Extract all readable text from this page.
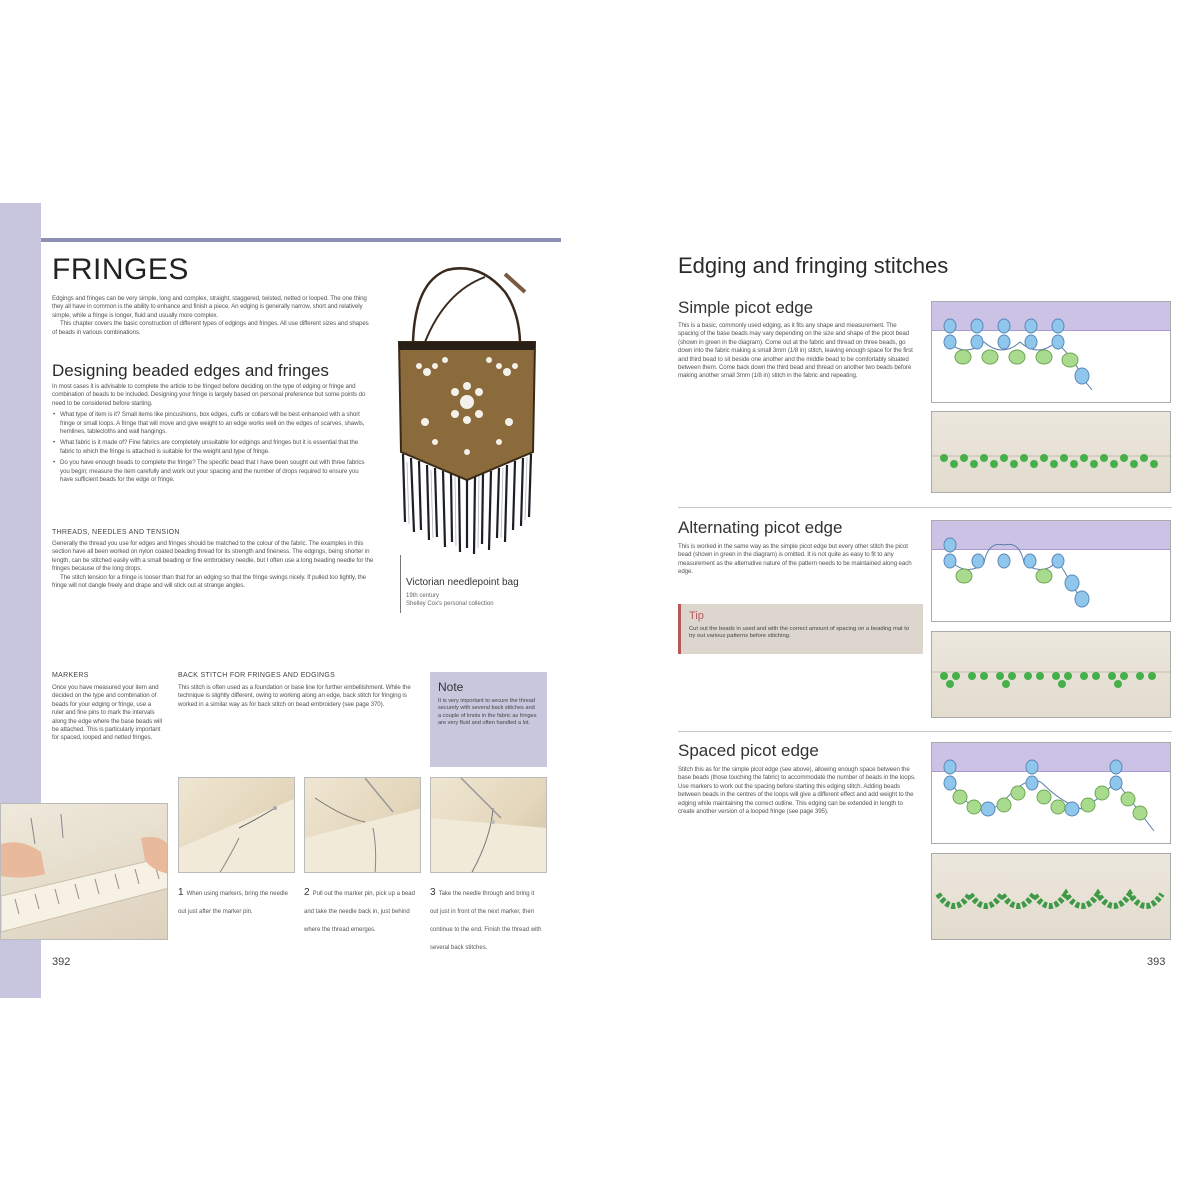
FRINGES

Edgings and fringes can be very simple, long and complex, straight, staggered, twisted, netted or looped. The one thing they all have in common is the ability to enhance and finish a piece. An edging is generally narrow, short and relatively simple, while a fringe is longer, fluid and usually more complex.

This chapter covers the basic construction of different types of edgings and fringes. All use different sizes and shapes of beads in various combinations.

Designing beaded edges and fringes

In most cases it is advisable to complete the article to be fringed before deciding on the type of edging or fringe and combination of beads to be included. Designing your fringe is largely based on personal preference but some points do need to be considered before starting.

• What type of item is it? Small items like pincushions, box edges, cuffs or collars will be best enhanced with a short fringe or small loops. A fringe that will move and give weight to an edge works well on the edges of scarves, shawls, hemlines, tablecloths and wall hangings.
• What fabric is it made of? Fine fabrics are completely unsuitable for edgings and fringes but it is essential that the fabric to which the fringe is attached is suitable for the weight and type of fringe.
• Do you have enough beads to complete the fringe? The specific bead that I have been sought out with three fabrics you begin; measure the item carefully and work out your spacing and the number of drops required to ensure you have sufficient beads for the edge or fringe.
THREADS, NEEDLES AND TENSION

Generally the thread you use for edges and fringes should be matched to the colour of the fabric. The examples in this section have all been worked on nylon coated beading thread for its strength and fineness. The edgings, being shorter in length, can be stitched easily with a small beading or fine embroidery needle, but I often use a long beading needle for the fringes because of the long drops.

The stitch tension for a fringe is looser than that for an edging so that the fringe swings nicely. If pulled too tightly, the fringe will not dangle freely and drape and will stick out at strange angles.	Victorian needlepoint bag
19th century
Shelley Cox's personal collection
MARKERS
Once you have measured your item and decided on the type and combination of beads for your edging or fringe, use a ruler and fine pins to mark the intervals along the edge where the base beads will be attached. This is particularly important for spaced, looped and netted fringes.
BACK STITCH FOR FRINGES AND EDGINGS
This stitch is often used as a foundation or base line for further embellishment. While the technique is slightly different, owing to working along an edge, back stitch for fringing is worked in a similar way as for back stitch on bead embroidery (see page 370).
Note
It is very important to secure the thread securely with several back stitches and a couple of knots in the fabric as fringes are very fluid and often handled a lot.
1 When using markers, bring the needle out just after the marker pin.
2 Pull out the marker pin, pick up a bead and take the needle back in, just behind where the thread emerges.
3 Take the needle through and bring it out just in front of the next marker, then continue to the end. Finish the thread with several back stitches.
392
Edging and fringing stitches
Simple picot edge
This is a basic, commonly used edging, as it fits any shape and measurement. The spacing of the base beads may vary depending on the size and shape of the picot bead (shown in green in the diagram). Come out at the fabric and thread on three beads, go down into the fabric making a small 3mm (1/8 in) stitch, leaving enough space for the first and third bead to sit beside one another and the middle bead to be comfortably situated between them. Come back down the third bead and thread on another two beads before making another small 3mm (1/8 in) stitch in the fabric and repeating.
Alternating picot edge
This is worked in the same way as the simple picot edge but every other stitch the picot bead (shown in green in the diagram) is omitted. It is not quite as easy to fit to any measurement as the alternative nature of the pattern needs to be maintained along each edge.
Tip
Cut out the beads in used and with the correct amount of spacing on a beading mat to try out various patterns before stitching.
Spaced picot edge
Stitch this as for the simple picot edge (see above), allowing enough space between the base beads (those touching the fabric) to accommodate the number of beads in the loops. Use markers to work out the spacing before starting this edging stitch. Adding beads between beads in the centres of the loops will give a different effect and add weight to the edging while maintaining the correct outline. This edging can be extended in length to create another version of a looped fringe (see page 395).
393
